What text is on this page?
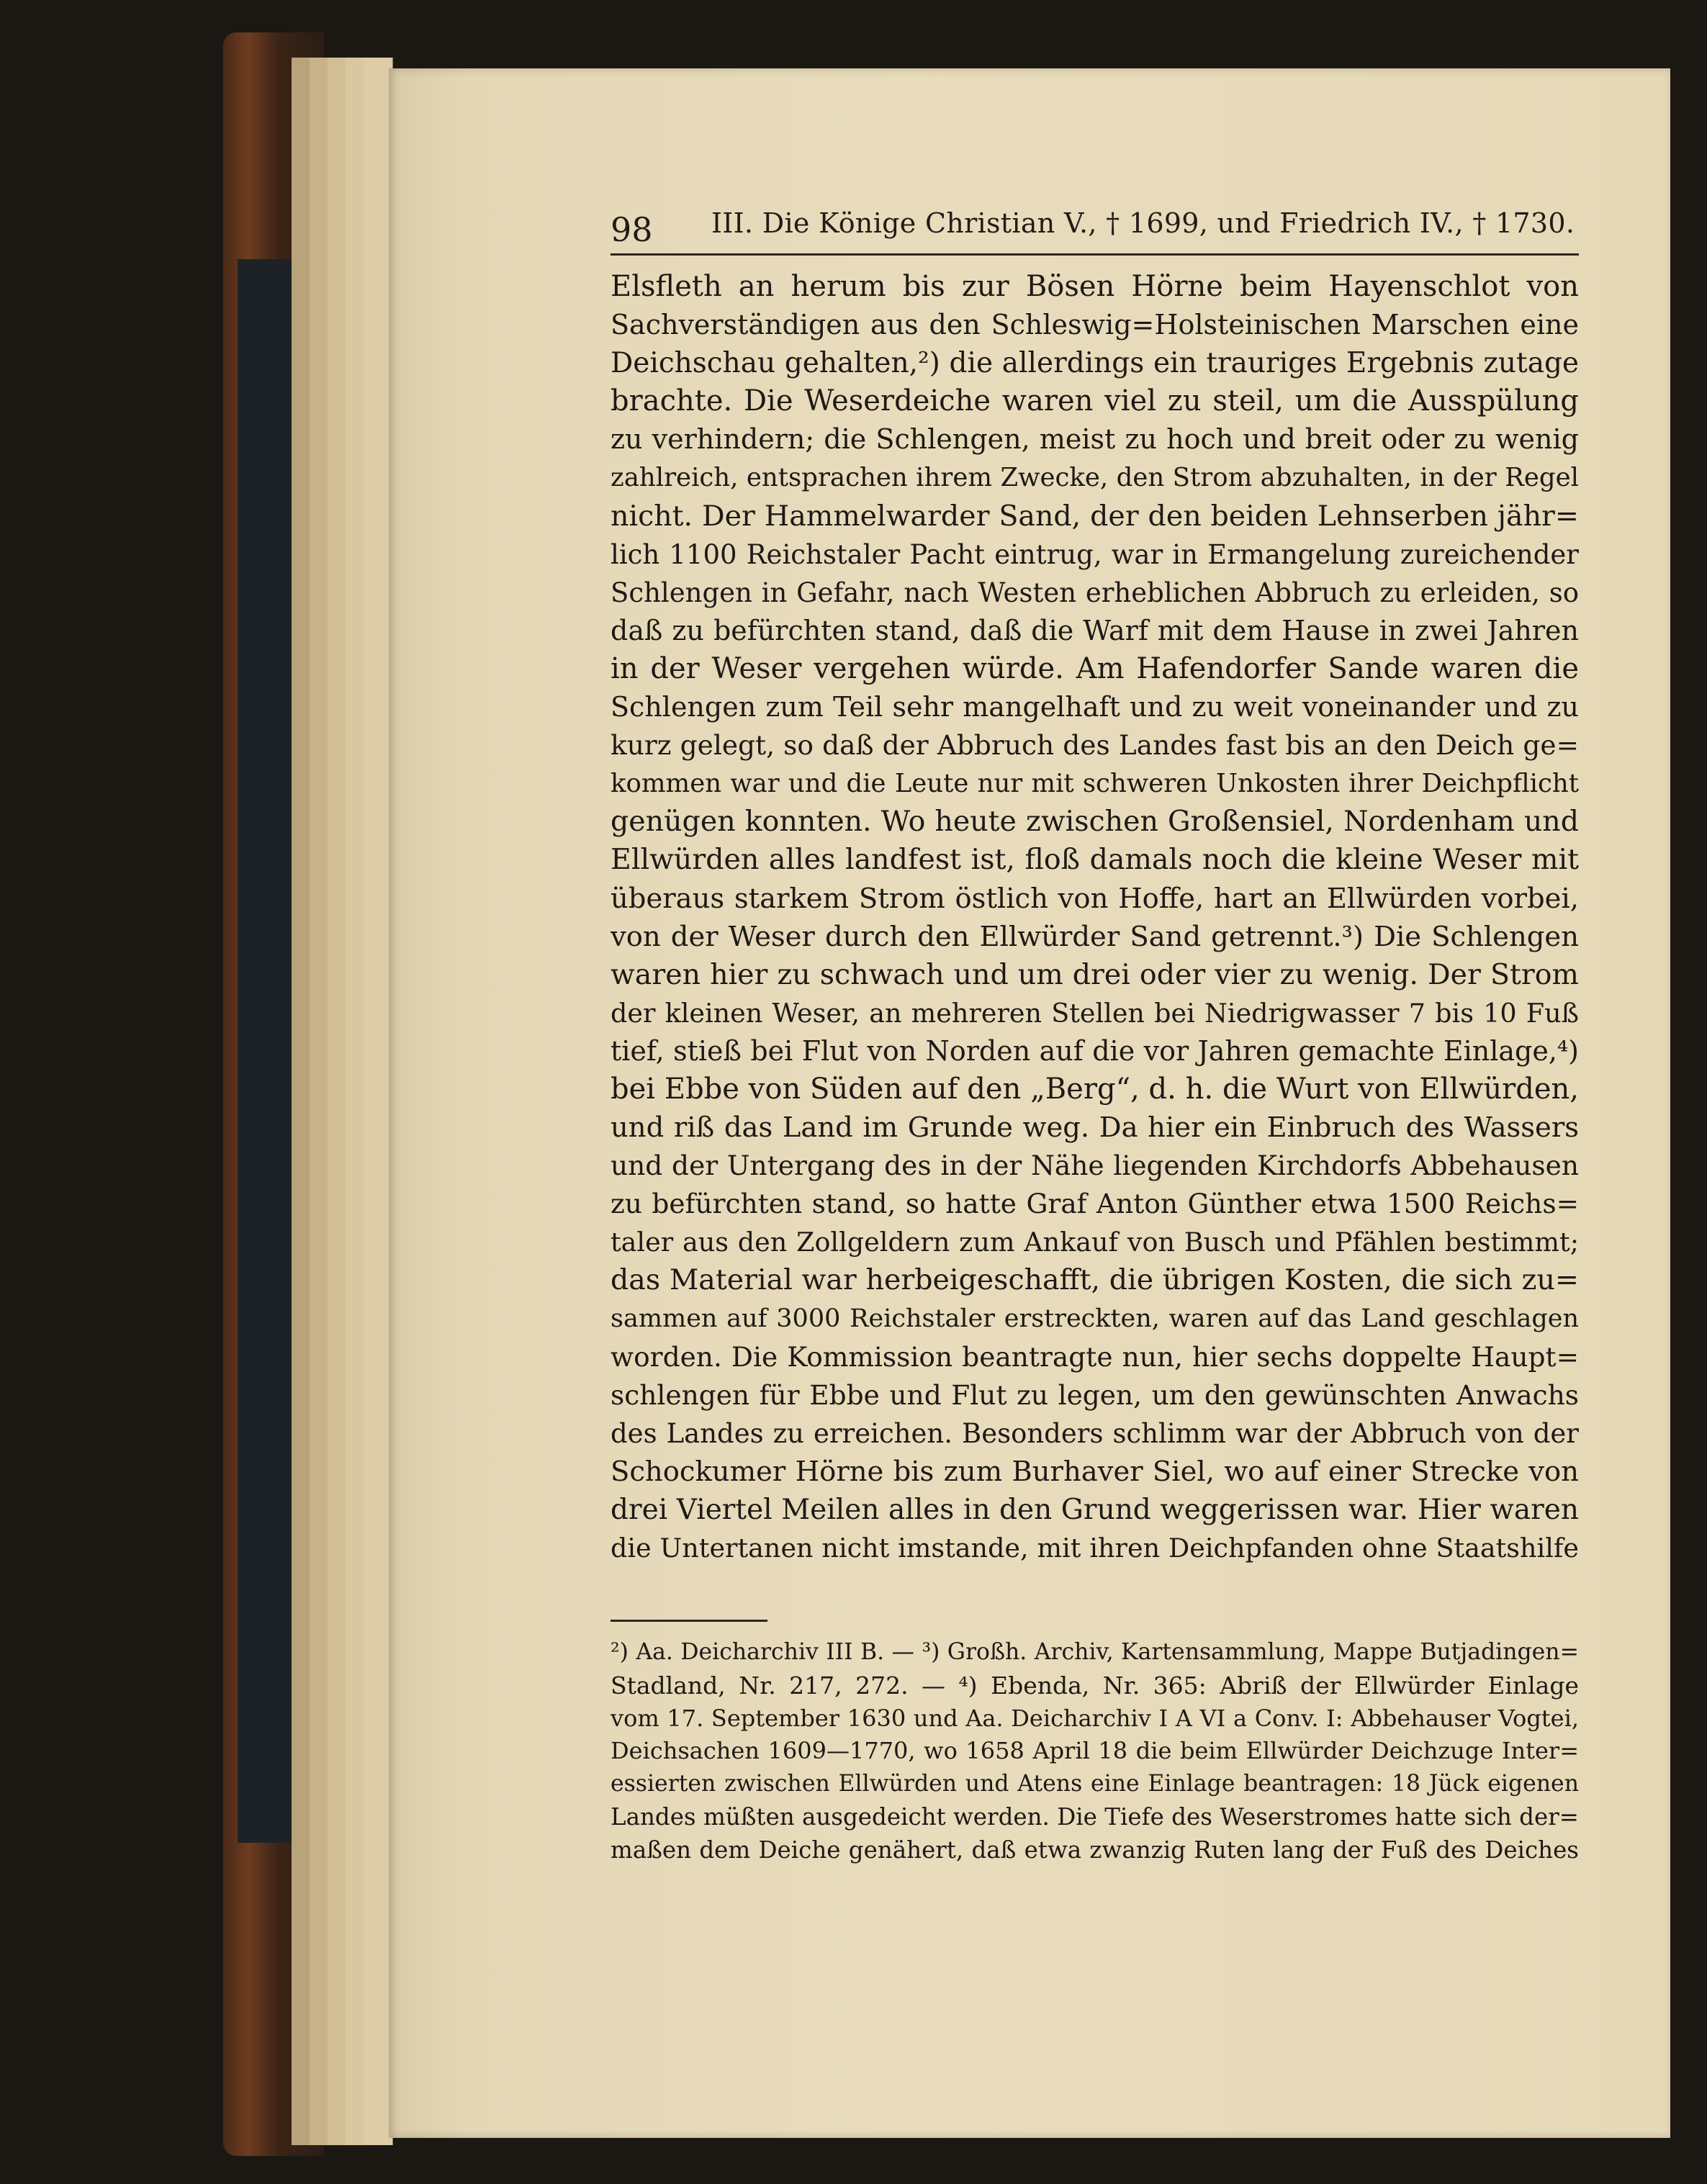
98 III. Die Könige Christian V., † 1699, und Friedrich IV., † 1730.
Elsfleth an herum bis zur Bösen Hörne beim Hayenschlot von
Sachverständigen aus den Schleswig=Holsteinischen Marschen eine
Deichschau gehalten,²) die allerdings ein trauriges Ergebnis zutage
brachte. Die Weserdeiche waren viel zu steil, um die Ausspülung
zu verhindern; die Schlengen, meist zu hoch und breit oder zu wenig
zahlreich, entsprachen ihrem Zwecke, den Strom abzuhalten, in der Regel
nicht. Der Hammelwarder Sand, der den beiden Lehnserben jähr=
lich 1100 Reichstaler Pacht eintrug, war in Ermangelung zureichender
Schlengen in Gefahr, nach Westen erheblichen Abbruch zu erleiden, so
daß zu befürchten stand, daß die Warf mit dem Hause in zwei Jahren
in der Weser vergehen würde. Am Hafendorfer Sande waren die
Schlengen zum Teil sehr mangelhaft und zu weit voneinander und zu
kurz gelegt, so daß der Abbruch des Landes fast bis an den Deich ge=
kommen war und die Leute nur mit schweren Unkosten ihrer Deichpflicht
genügen konnten. Wo heute zwischen Großensiel, Nordenham und
Ellwürden alles landfest ist, floß damals noch die kleine Weser mit
überaus starkem Strom östlich von Hoffe, hart an Ellwürden vorbei,
von der Weser durch den Ellwürder Sand getrennt.³) Die Schlengen
waren hier zu schwach und um drei oder vier zu wenig. Der Strom
der kleinen Weser, an mehreren Stellen bei Niedrigwasser 7 bis 10 Fuß
tief, stieß bei Flut von Norden auf die vor Jahren gemachte Einlage,⁴)
bei Ebbe von Süden auf den „Berg“, d. h. die Wurt von Ellwürden,
und riß das Land im Grunde weg. Da hier ein Einbruch des Wassers
und der Untergang des in der Nähe liegenden Kirchdorfs Abbehausen
zu befürchten stand, so hatte Graf Anton Günther etwa 1500 Reichs=
taler aus den Zollgeldern zum Ankauf von Busch und Pfählen bestimmt;
das Material war herbeigeschafft, die übrigen Kosten, die sich zu=
sammen auf 3000 Reichstaler erstreckten, waren auf das Land geschlagen
worden. Die Kommission beantragte nun, hier sechs doppelte Haupt=
schlengen für Ebbe und Flut zu legen, um den gewünschten Anwachs
des Landes zu erreichen. Besonders schlimm war der Abbruch von der
Schockumer Hörne bis zum Burhaver Siel, wo auf einer Strecke von
drei Viertel Meilen alles in den Grund weggerissen war. Hier waren
die Untertanen nicht imstande, mit ihren Deichpfanden ohne Staatshilfe
²) Aa. Deicharchiv III B. — ³) Großh. Archiv, Kartensammlung, Mappe Butjadingen=
Stadland, Nr. 217, 272. — ⁴) Ebenda, Nr. 365: Abriß der Ellwürder Einlage
vom 17. September 1630 und Aa. Deicharchiv I A VI a Conv. I: Abbehauser Vogtei,
Deichsachen 1609—1770, wo 1658 April 18 die beim Ellwürder Deichzuge Inter=
essierten zwischen Ellwürden und Atens eine Einlage beantragen: 18 Jück eigenen
Landes müßten ausgedeicht werden. Die Tiefe des Weserstromes hatte sich der=
maßen dem Deiche genähert, daß etwa zwanzig Ruten lang der Fuß des Deiches
